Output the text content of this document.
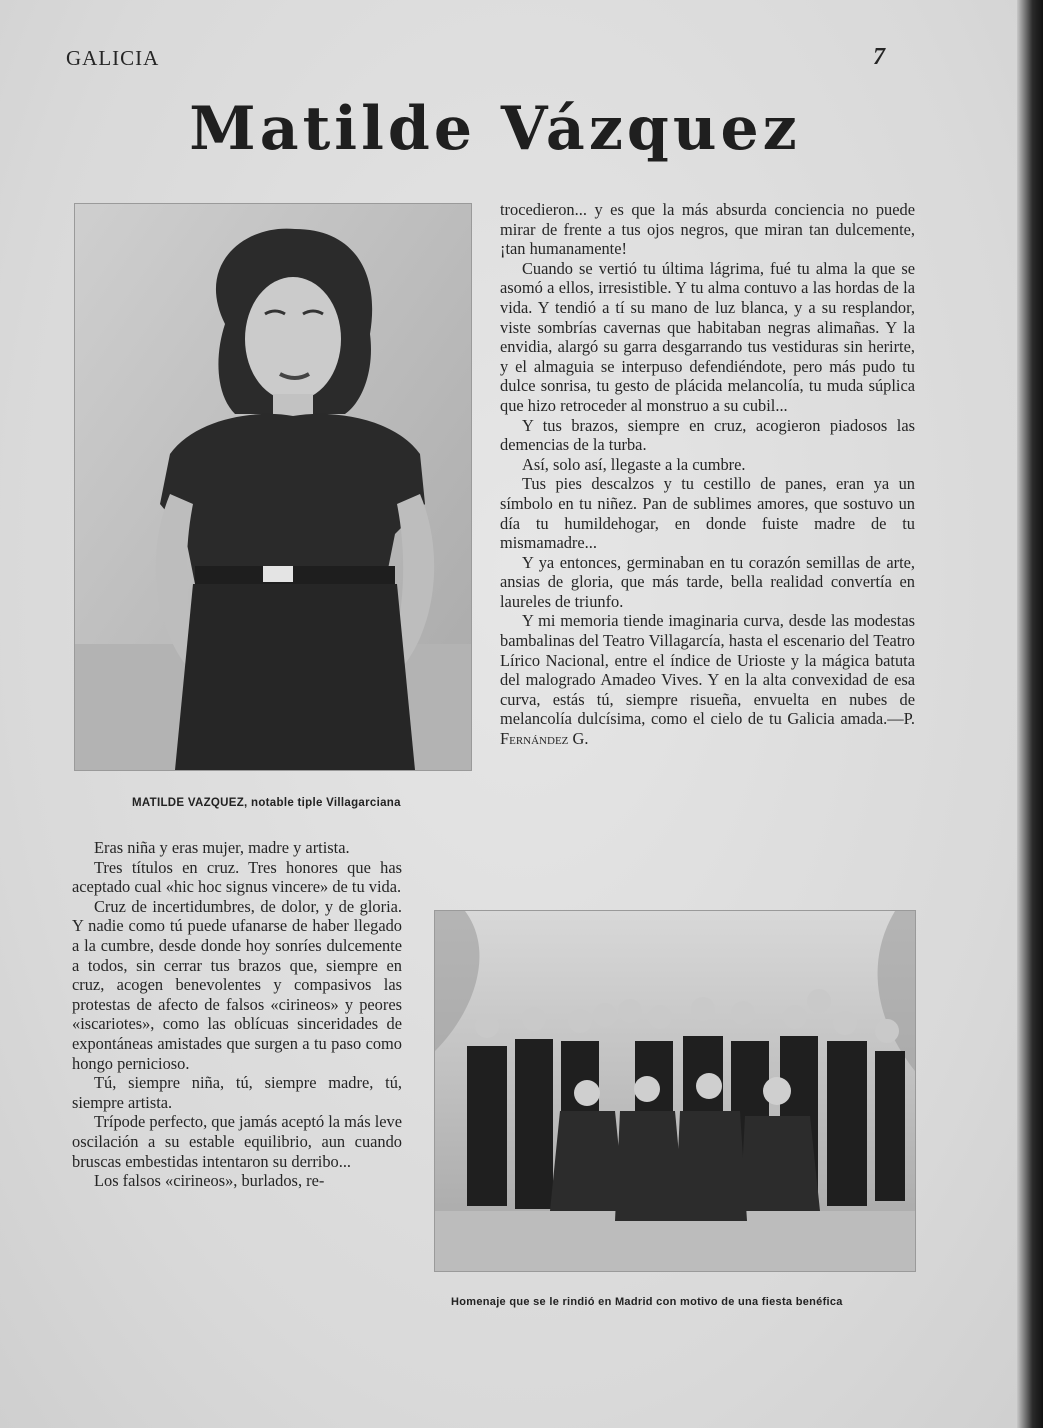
GALICIA	7
Matilde Vázquez
MATILDE VAZQUEZ, notable tiple Villagarciana
Homenaje que se le rindió en Madrid con motivo de una fiesta benéfica

trocedieron... y es que la más absurda conciencia no puede mirar de frente a tus ojos negros, que miran tan dulcemente, ¡tan humanamente!

Cuando se vertió tu última lágrima, fué tu alma la que se asomó a ellos, irresistible. Y tu alma contuvo a las hordas de la vida. Y tendió a tí su mano de luz blanca, y a su resplandor, viste sombrías cavernas que habitaban negras alimañas. Y la envidia, alargó su garra desgarrando tus vestiduras sin herirte, y el almaguia se interpuso defendiéndote, pero más pudo tu dulce sonrisa, tu gesto de plácida melancolía, tu muda súplica que hizo retroceder al monstruo a su cubil...

Y tus brazos, siempre en cruz, acogieron piadosos las demencias de la turba.

Así, solo así, llegaste a la cumbre.

Tus pies descalzos y tu cestillo de panes, eran ya un símbolo en tu niñez. Pan de sublimes amores, que sostuvo un día tu humildehogar, en donde fuiste madre de tu mismamadre...

Y ya entonces, germinaban en tu corazón semillas de arte, ansias de gloria, que más tarde, bella realidad convertía en laureles de triunfo.

Y mi memoria tiende imaginaria curva, desde las modestas bambalinas del Teatro Villagarcía, hasta el escenario del Teatro Lírico Nacional, entre el índice de Urioste y la mágica batuta del malogrado Amadeo Vives. Y en la alta convexidad de esa curva, estás tú, siempre risueña, envuelta en nubes de melancolía dulcísima, como el cielo de tu Galicia amada.—P. Fernández G.

Eras niña y eras mujer, madre y artista.

Tres títulos en cruz. Tres honores que has aceptado cual «hic hoc signus vincere» de tu vida.

Cruz de incertidumbres, de dolor, y de gloria. Y nadie como tú puede ufanarse de haber llegado a la cumbre, desde donde hoy sonríes dulcemente a todos, sin cerrar tus brazos que, siempre en cruz, acogen benevolentes y compasivos las protestas de afecto de falsos «cirineos» y peores «iscariotes», como las oblícuas sinceridades de expontáneas amistades que surgen a tu paso como hongo pernicioso.

Tú, siempre niña, tú, siempre madre, tú, siempre artista.

Trípode perfecto, que jamás aceptó la más leve oscilación a su estable equilibrio, aun cuando bruscas embestidas intentaron su derribo...

Los falsos «cirineos», burlados, re-
